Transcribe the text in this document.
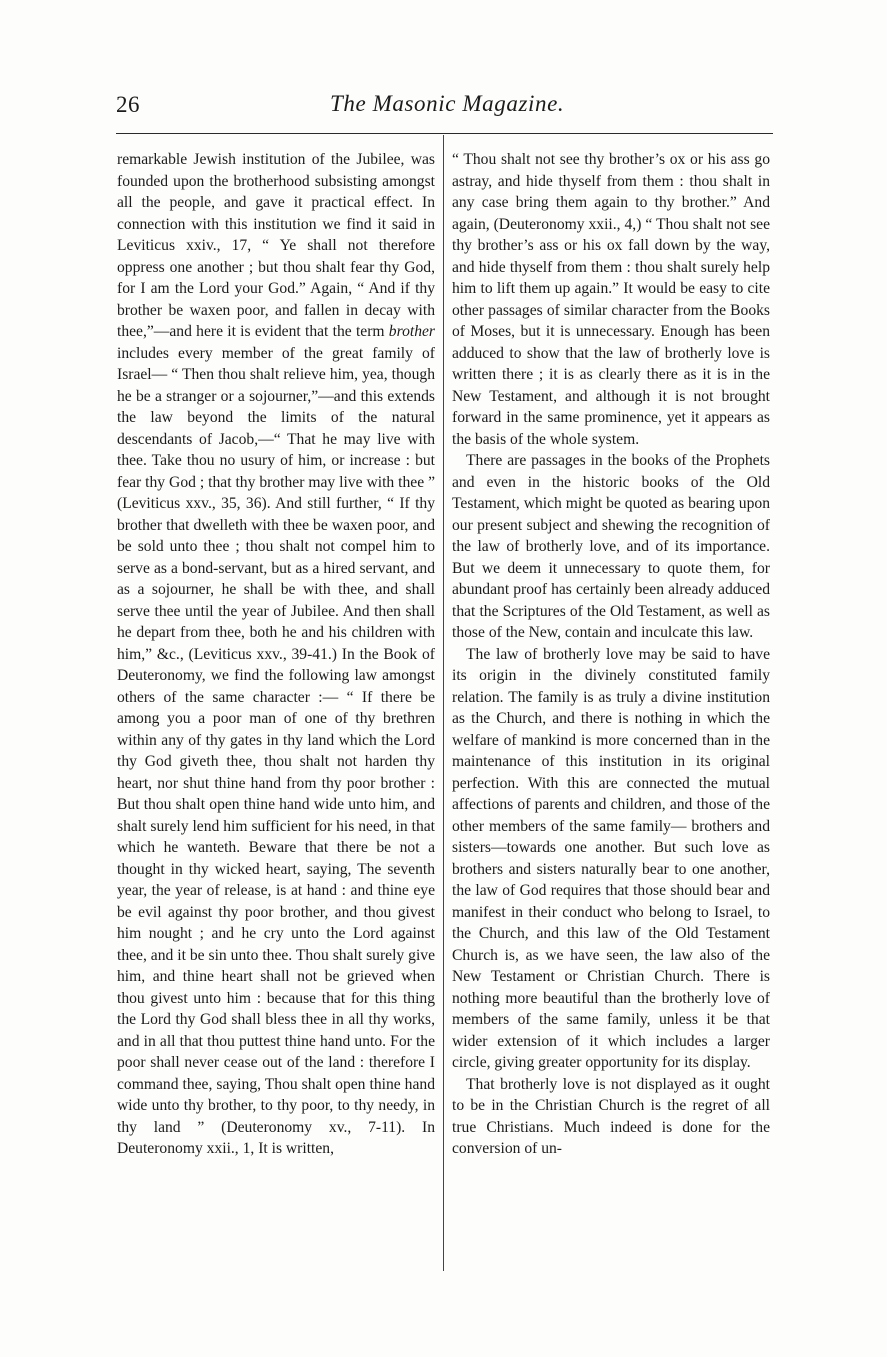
26	The Masonic Magazine.

remarkable Jewish institution of the Jubilee, was founded upon the brotherhood subsisting amongst all the people, and gave it practical effect. In connection with this institution we find it said in Leviticus xxiv., 17, “ Ye shall not therefore oppress one another ; but thou shalt fear thy God, for I am the Lord your God.” Again, “ And if thy brother be waxen poor, and fallen in decay with thee,”—and here it is evident that the term brother includes every member of the great family of Israel— “ Then thou shalt relieve him, yea, though he be a stranger or a sojourner,”—and this extends the law beyond the limits of the natural descendants of Jacob,—“ That he may live with thee. Take thou no usury of him, or increase : but fear thy God ; that thy brother may live with thee ” (Leviticus xxv., 35, 36). And still further, “ If thy brother that dwelleth with thee be waxen poor, and be sold unto thee ; thou shalt not compel him to serve as a bond-servant, but as a hired servant, and as a sojourner, he shall be with thee, and shall serve thee until the year of Jubilee. And then shall he depart from thee, both he and his children with him,” &c., (Leviticus xxv., 39-41.) In the Book of Deuteronomy, we find the following law amongst others of the same character :— “ If there be among you a poor man of one of thy brethren within any of thy gates in thy land which the Lord thy God giveth thee, thou shalt not harden thy heart, nor shut thine hand from thy poor brother : But thou shalt open thine hand wide unto him, and shalt surely lend him sufficient for his need, in that which he wanteth. Beware that there be not a thought in thy wicked heart, saying, The seventh year, the year of release, is at hand : and thine eye be evil against thy poor brother, and thou givest him nought ; and he cry unto the Lord against thee, and it be sin unto thee. Thou shalt surely give him, and thine heart shall not be grieved when thou givest unto him : because that for this thing the Lord thy God shall bless thee in all thy works, and in all that thou puttest thine hand unto. For the poor shall never cease out of the land : therefore I command thee, saying, Thou shalt open thine hand wide unto thy brother, to thy poor, to thy needy, in thy land ” (Deuteronomy xv., 7-11). In Deuteronomy xxii., 1, It is written,

“ Thou shalt not see thy brother’s ox or his ass go astray, and hide thyself from them : thou shalt in any case bring them again to thy brother.” And again, (Deuteronomy xxii., 4,) “ Thou shalt not see thy brother’s ass or his ox fall down by the way, and hide thyself from them : thou shalt surely help him to lift them up again.” It would be easy to cite other passages of similar character from the Books of Moses, but it is unnecessary. Enough has been adduced to show that the law of brotherly love is written there ; it is as clearly there as it is in the New Testament, and although it is not brought forward in the same prominence, yet it appears as the basis of the whole system.

There are passages in the books of the Prophets and even in the historic books of the Old Testament, which might be quoted as bearing upon our present subject and shewing the recognition of the law of brotherly love, and of its importance. But we deem it unnecessary to quote them, for abundant proof has certainly been already adduced that the Scriptures of the Old Testament, as well as those of the New, contain and inculcate this law.

The law of brotherly love may be said to have its origin in the divinely constituted family relation. The family is as truly a divine institution as the Church, and there is nothing in which the welfare of mankind is more concerned than in the maintenance of this institution in its original perfection. With this are connected the mutual affections of parents and children, and those of the other members of the same family— brothers and sisters—towards one another. But such love as brothers and sisters naturally bear to one another, the law of God requires that those should bear and manifest in their conduct who belong to Israel, to the Church, and this law of the Old Testament Church is, as we have seen, the law also of the New Testament or Christian Church. There is nothing more beautiful than the brotherly love of members of the same family, unless it be that wider extension of it which includes a larger circle, giving greater opportunity for its display.

That brotherly love is not displayed as it ought to be in the Christian Church is the regret of all true Christians. Much indeed is done for the conversion of un-
